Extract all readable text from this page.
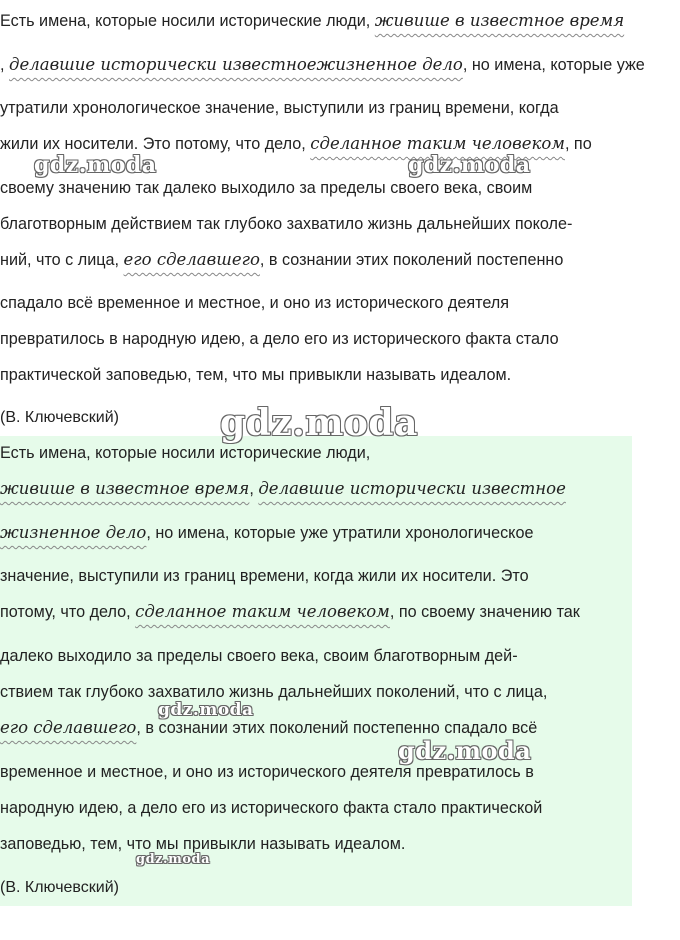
Есть имена, которые носили исторические люди, живише в известное время
, делавшие исторически известноежизненное дело, но имена, которые уже
утратили хронологическое значение, выступили из границ времени, когда
жили их носители. Это потому, что дело, сделанное таким человеком, по
своему значению так далеко выходило за пределы своего века, своим
благотворным действием так глубоко захватило жизнь дальнейших поколе-
ний, что с лица, его сделавшего, в сознании этих поколений постепенно
спадало всё временное и местное, и оно из исторического деятеля
превратилось в народную идею, а дело его из исторического факта стало
практической заповедью, тем, что мы привыкли называть идеалом.
(В. Ключевский)
Есть имена, которые носили исторические люди,
живише в известное время, делавшие исторически известное
жизненное дело, но имена, которые уже утратили хронологическое
значение, выступили из границ времени, когда жили их носители. Это
потому, что дело, сделанное таким человеком, по своему значению так
далеко выходило за пределы своего века, своим благотворным дей-
ствием так глубоко захватило жизнь дальнейших поколений, что с лица,
его сделавшего, в сознании этих поколений постепенно спадало всё
временное и местное, и оно из исторического деятеля превратилось в
народную идею, а дело его из исторического факта стало практической
заповедью, тем, что мы привыкли называть идеалом.
(В. Ключевский)
gdz.moda	gdz.moda
gdz.moda
gdz.moda
gdz.moda
gdz.moda
